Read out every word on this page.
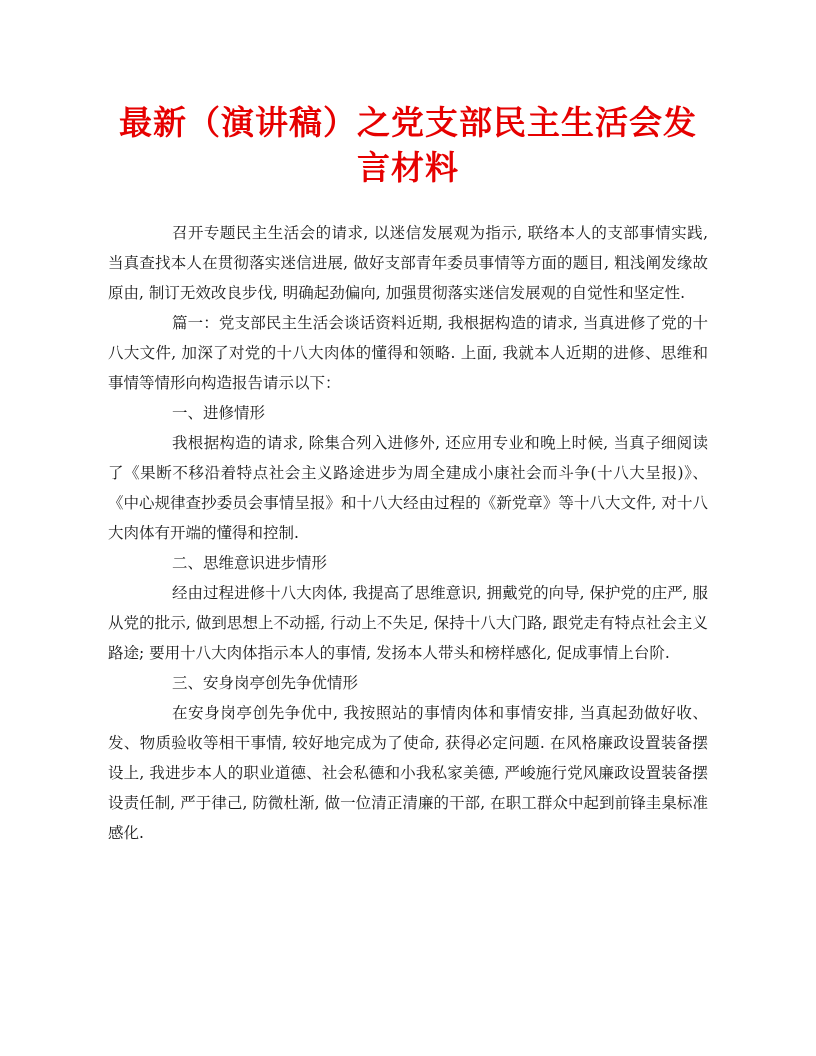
最新（演讲稿）之党支部民主生活会发
言材料

召开专题民主生活会的请求, 以迷信发展观为指示, 联络本人的支部事情实践, 当真查找本人在贯彻落实迷信进展, 做好支部青年委员事情等方面的题目, 粗浅阐发缘故原由, 制订无效改良步伐, 明确起劲偏向, 加强贯彻落实迷信发展观的自觉性和坚定性.

篇一：党支部民主生活会谈话资料近期, 我根据构造的请求, 当真进修了党的十八大文件, 加深了对党的十八大肉体的懂得和领略. 上面, 我就本人近期的进修、思维和事情等情形向构造报告请示以下：

一、进修情形

我根据构造的请求, 除集合列入进修外, 还应用专业和晚上时候, 当真子细阅读了《果断不移沿着特点社会主义路途进步为周全建成小康社会而斗争(十八大呈报)》、《中心规律查抄委员会事情呈报》和十八大经由过程的《新党章》等十八大文件, 对十八大肉体有开端的懂得和控制.

二、思维意识进步情形

经由过程进修十八大肉体, 我提高了思维意识, 拥戴党的向导, 保护党的庄严, 服从党的批示, 做到思想上不动摇, 行动上不失足, 保持十八大门路, 跟党走有特点社会主义路途; 要用十八大肉体指示本人的事情, 发扬本人带头和榜样感化, 促成事情上台阶.

三、安身岗亭创先争优情形

在安身岗亭创先争优中, 我按照站的事情肉体和事情安排, 当真起劲做好收、发、物质验收等相干事情, 较好地完成为了使命, 获得必定问题. 在风格廉政设置装备摆设上, 我进步本人的职业道德、社会私德和小我私家美德, 严峻施行党风廉政设置装备摆设责任制, 严于律己, 防微杜渐, 做一位清正清廉的干部, 在职工群众中起到前锋圭臬标准感化.
